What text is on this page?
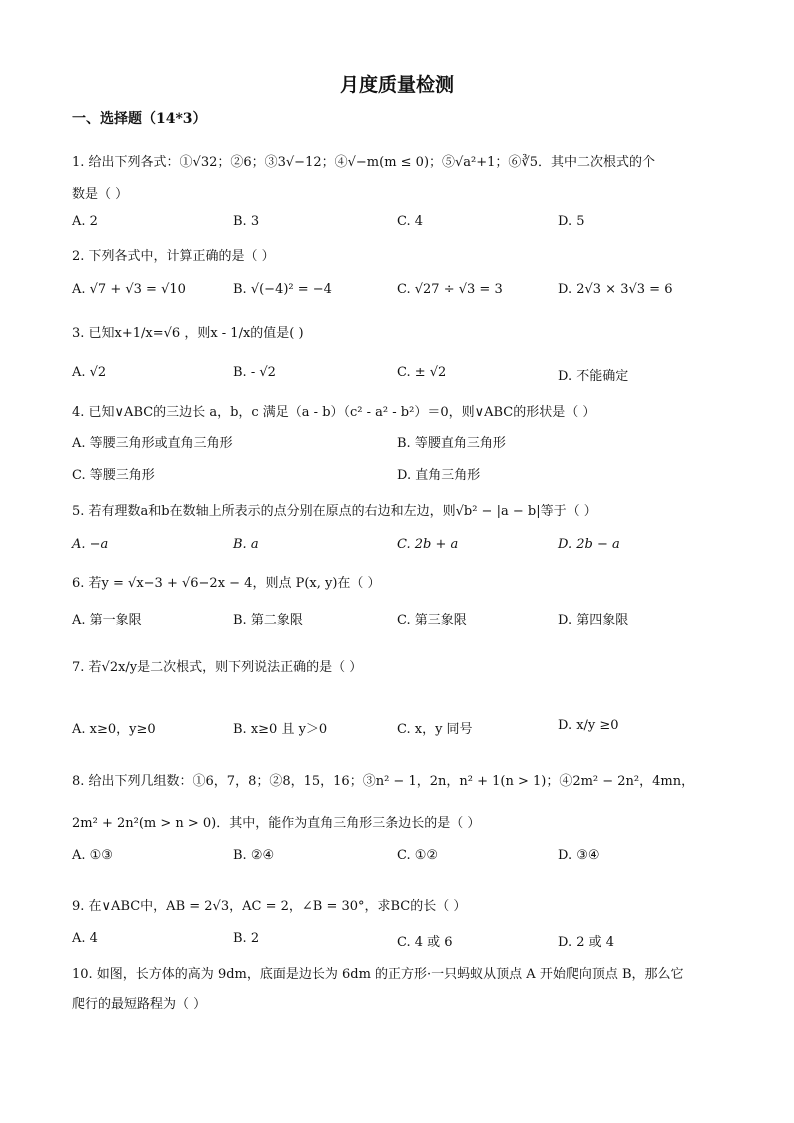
月度质量检测
一、选择题（14*3）
1. 给出下列各式：①√32；②6；③3√−12；④√−m(m ≤ 0)；⑤√a²+1；⑥∛5．其中二次根式的个
数是（ ）
A. 2	B. 3	C. 4	D. 5
2. 下列各式中，计算正确的是（ ）
A. √7 + √3 = √10	B. √(−4)² = −4	C. √27 ÷ √3 = 3	D. 2√3 × 3√3 = 6
3. 已知x+1/x=√6 ，则x - 1/x的值是( )
A. √2	B. - √2	C. ± √2	D. 不能确定
4. 已知∨ABC的三边长 a，b，c 满足（a - b）（c² - a² - b²）＝0，则∨ABC的形状是（ ）
A. 等腰三角形或直角三角形	B. 等腰直角三角形
C. 等腰三角形	D. 直角三角形
5. 若有理数a和b在数轴上所表示的点分别在原点的右边和左边，则√b² − |a − b|等于（ ）
A. −a	B. a	C. 2b + a	D. 2b − a
6. 若y = √x−3 + √6−2x − 4，则点 P(x, y)在（ ）
A. 第一象限	B. 第二象限	C. 第三象限	D. 第四象限
7. 若√2x/y是二次根式，则下列说法正确的是（ ）
A. x≥0，y≥0	B. x≥0 且 y＞0	C. x，y 同号	D. x/y ≥0
8. 给出下列几组数：①6，7，8；②8，15，16；③n² − 1，2n，n² + 1(n > 1)；④2m² − 2n²，4mn，
2m² + 2n²(m > n > 0)．其中，能作为直角三角形三条边长的是（ ）
A. ①③	B. ②④	C. ①②	D. ③④
9. 在∨ABC中，AB = 2√3，AC = 2，∠B = 30°，求BC的长（ ）
A. 4	B. 2	C. 4 或 6	D. 2 或 4
10. 如图，长方体的高为 9dm，底面是边长为 6dm 的正方形·一只蚂蚁从顶点 A 开始爬向顶点 B，那么它
爬行的最短路程为（ ）
